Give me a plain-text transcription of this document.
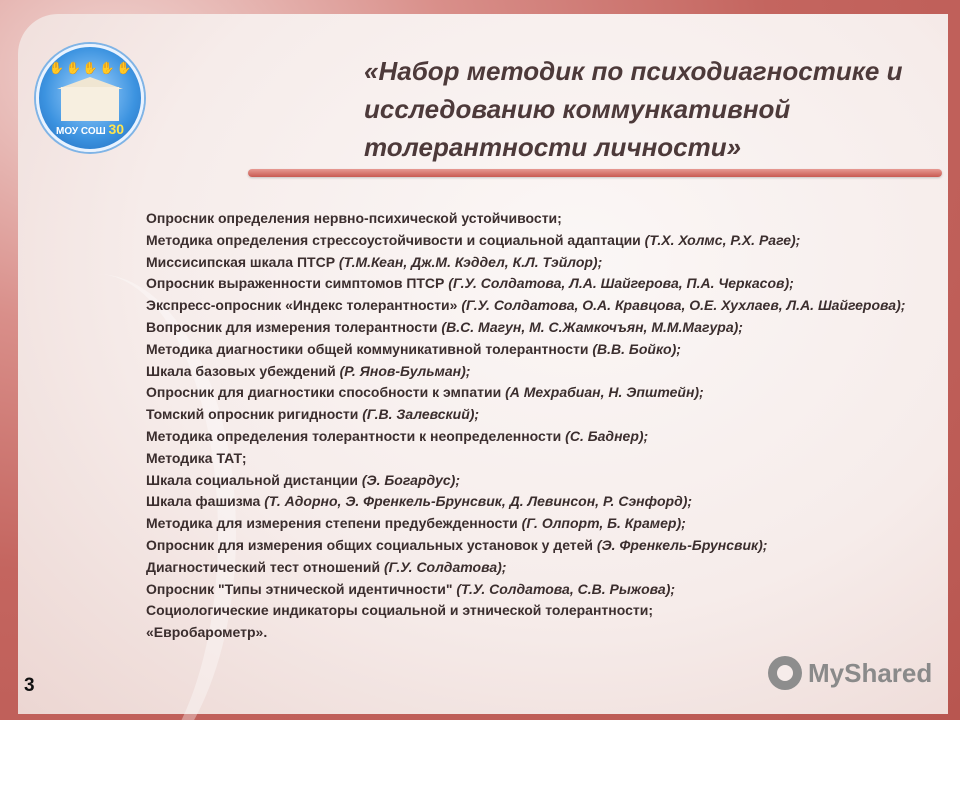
✋✋✋✋✋
МОУ СОШ 30
«Набор методик по психодиагностике и исследованию коммункативной толерантности личности»
Опросник определения нервно-психической устойчивости;
Методика определения стрессоустойчивости и социальной адаптации (Т.Х. Холмс, Р.Х. Раге);
Миссисипская шкала ПТСР (Т.М.Кеан, Дж.М. Кэддел, К.Л. Тэйлор);
Опросник выраженности симптомов ПТСР (Г.У. Солдатова, Л.А. Шайгерова, П.А. Черкасов);
Экспресс-опросник «Индекс толерантности» (Г.У. Солдатова, О.А. Кравцова, О.Е. Хухлаев, Л.А. Шайгерова);
Вопросник для измерения толерантности (В.С. Магун, М. С.Жамкочъян, М.М.Магура);
Методика диагностики общей коммуникативной толерантности (В.В. Бойко);
Шкала базовых убеждений (Р. Янов-Бульман);
Опросник для диагностики способности к эмпатии (А Мехрабиан, Н. Эпштейн);
Томский опросник ригидности (Г.В. Залевский);
Методика определения толерантности к неопределенности (С. Баднер);
Методика ТАТ;
Шкала социальной дистанции (Э. Богардус);
Шкала фашизма (Т. Адорно, Э. Френкель-Брунсвик, Д. Левинсон, Р. Сэнфорд);
Методика для измерения степени предубежденности (Г. Олпорт, Б. Крамер);
Опросник для измерения общих социальных установок у детей (Э. Френкель-Брунсвик);
Диагностический тест отношений (Г.У. Солдатова);
Опросник "Типы этнической идентичности" (Т.У. Солдатова, С.В. Рыжова);
Социологические индикаторы социальной и этнической толерантности;
«Евробарометр».
3	MyShared
